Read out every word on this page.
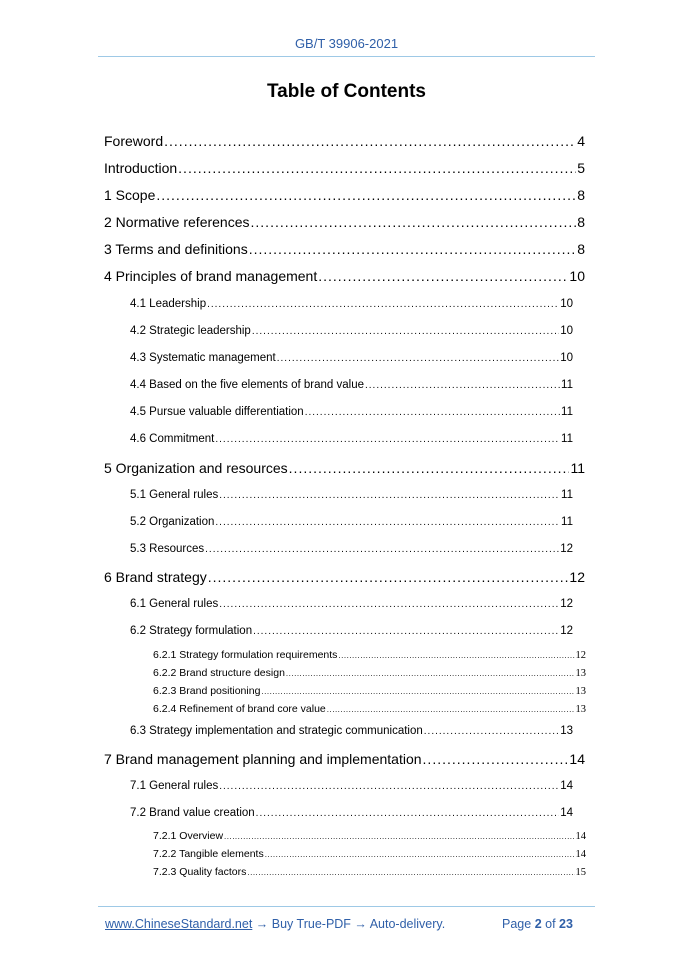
GB/T 39906-2021
Table of Contents
Foreword .....	4
Introduction .....	5
1 Scope .....	8
2 Normative references .....	8
3 Terms and definitions .....	8
4 Principles of brand management .....	10
4.1 Leadership .....	10
4.2 Strategic leadership .....	10
4.3 Systematic management .....	10
4.4 Based on the five elements of brand value .....	11
4.5 Pursue valuable differentiation .....	11
4.6 Commitment .....	11
5 Organization and resources .....	11
5.1 General rules .....	11
5.2 Organization .....	11
5.3 Resources .....	12
6 Brand strategy .....	12
6.1 General rules .....	12
6.2 Strategy formulation .....	12
6.2.1 Strategy formulation requirements .....	12
6.2.2 Brand structure design .....	13
6.2.3 Brand positioning .....	13
6.2.4 Refinement of brand core value .....	13
6.3 Strategy implementation and strategic communication .....	13
7 Brand management planning and implementation .....	14
7.1 General rules .....	14
7.2 Brand value creation .....	14
7.2.1 Overview .....	14
7.2.2 Tangible elements .....	14
7.2.3 Quality factors .....	15
www.ChineseStandard.net → Buy True-PDF → Auto-delivery.	Page 2 of 23
